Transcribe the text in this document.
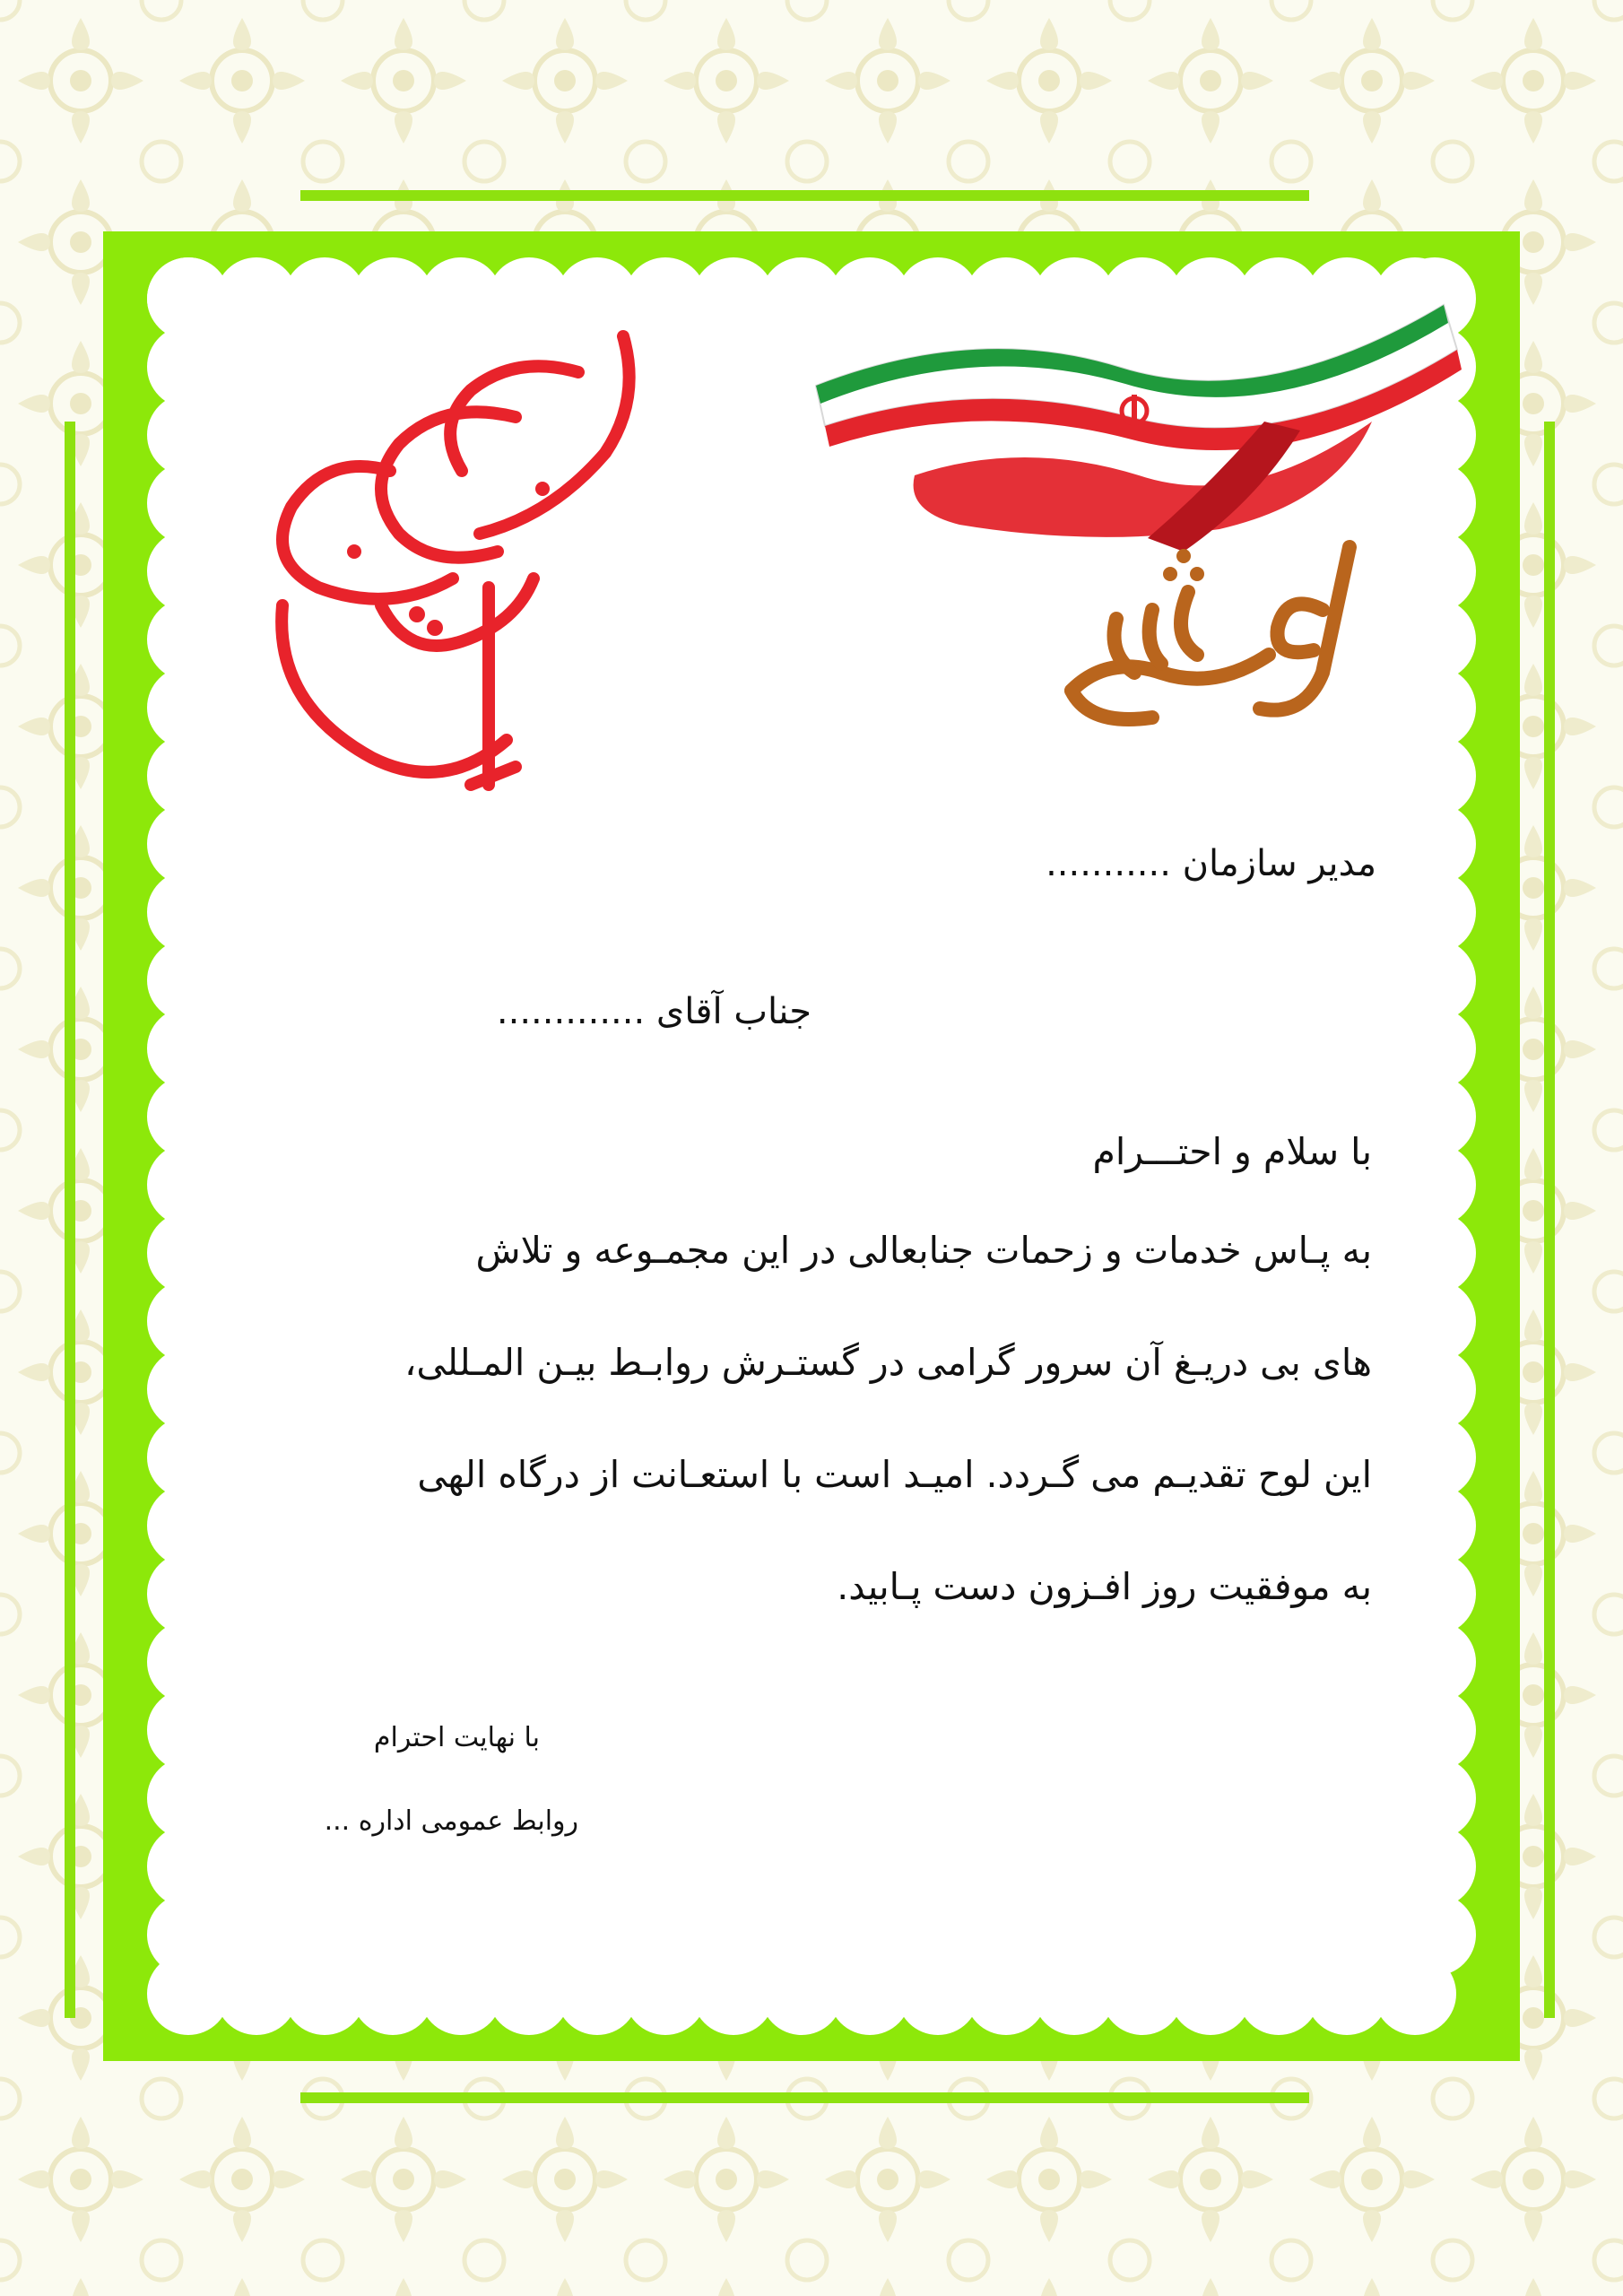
مدیر سازمان ...........
جناب آقای .............
با سلام و احتـــرام
به پـاس خدمات و زحمات جنابعالی در این مجمـوعه و تلاش
های بی دریـغ آن سرور گرامی در گستـرش روابـط بیـن المـللی،
این لوح تقدیـم می گـردد. امیـد است با استعـانت از درگاه الهی
به موفقیت روز افـزون دست پـابید.
با نهایت احترام
روابط عمومی اداره ...
